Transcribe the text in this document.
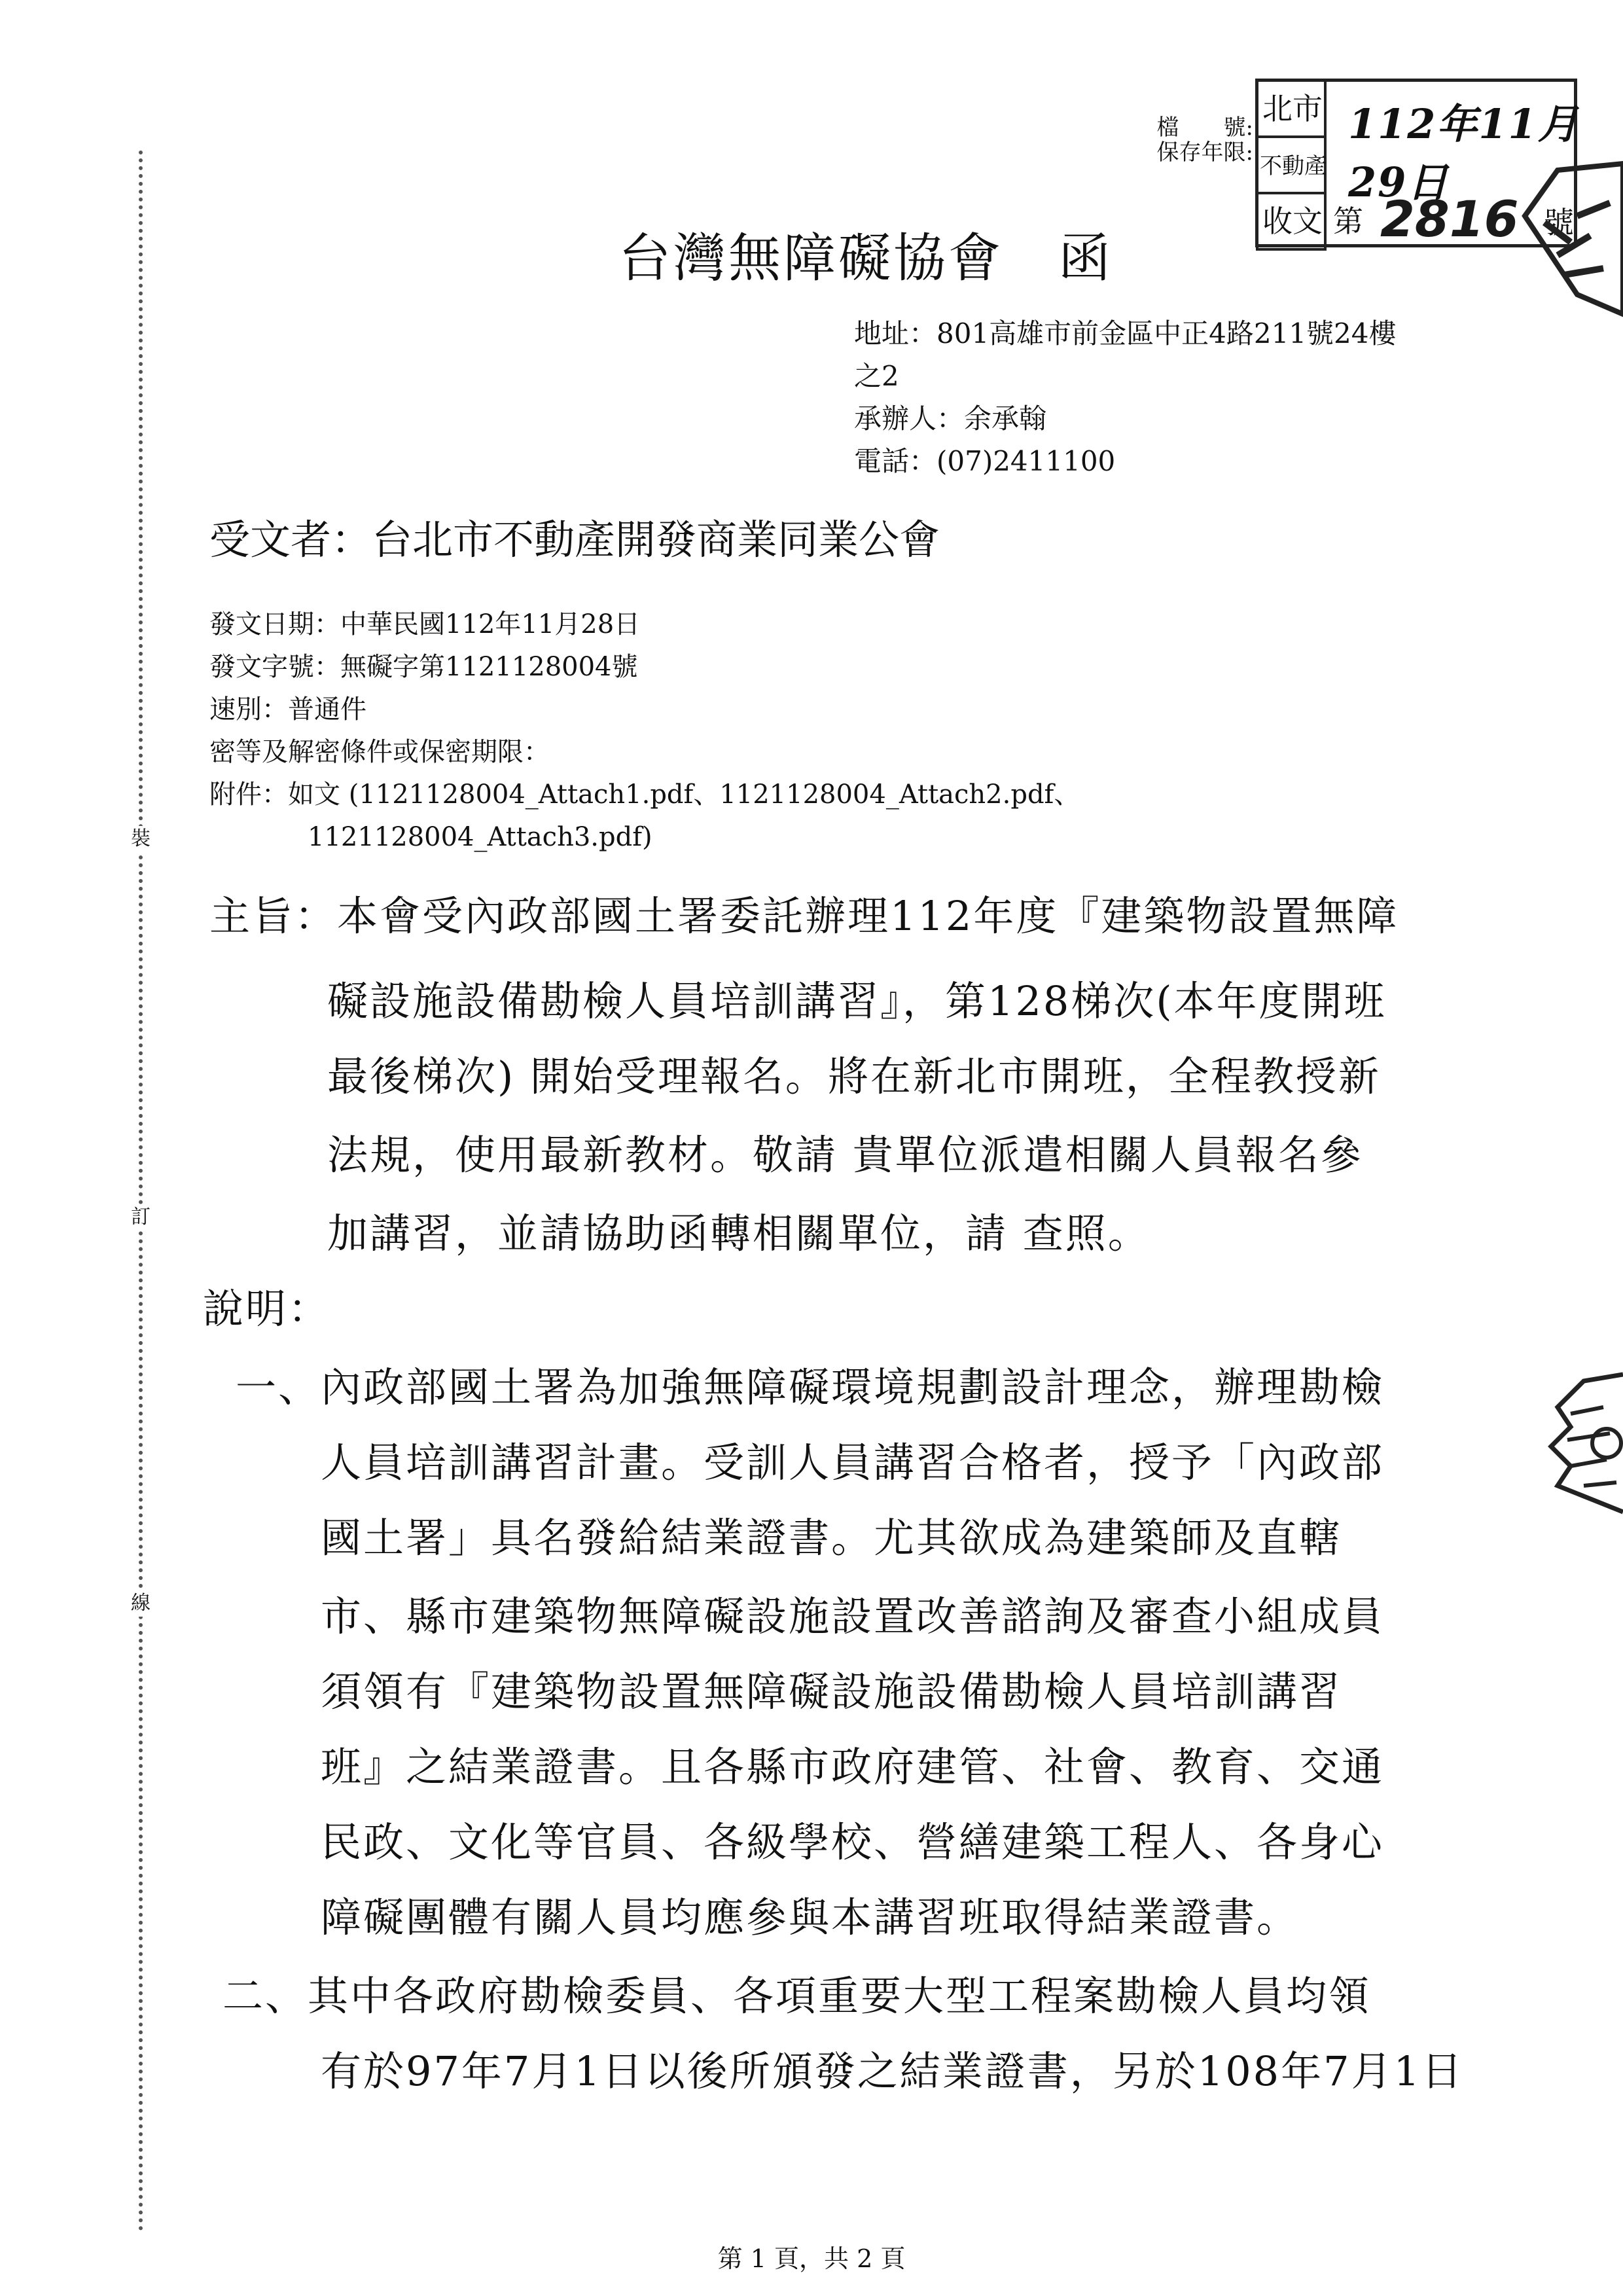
裝
訂
線
檔　　號:
保存年限:
北市
不動產
收文 第 2816 號
112年11月29日
台灣無障礙協會　函
地址：801高雄市前金區中正4路211號24樓
之2
承辦人：余承翰
電話：(07)2411100
受文者：台北市不動產開發商業同業公會
發文日期：中華民國112年11月28日
發文字號：無礙字第1121128004號
速別：普通件
密等及解密條件或保密期限：
附件：如文 (1121128004_Attach1.pdf、1121128004_Attach2.pdf、
1121128004_Attach3.pdf)
主旨：本會受內政部國土署委託辦理112年度『建築物設置無障
礙設施設備勘檢人員培訓講習』，第128梯次(本年度開班
最後梯次) 開始受理報名。將在新北市開班，全程教授新
法規，使用最新教材。敬請 貴單位派遣相關人員報名參
加講習，並請協助函轉相關單位，請 查照。
說明：
一、內政部國土署為加強無障礙環境規劃設計理念，辦理勘檢
人員培訓講習計畫。受訓人員講習合格者，授予「內政部
國土署」具名發給結業證書。尤其欲成為建築師及直轄
市、縣市建築物無障礙設施設置改善諮詢及審查小組成員
須領有『建築物設置無障礙設施設備勘檢人員培訓講習
班』之結業證書。且各縣市政府建管、社會、教育、交通
民政、文化等官員、各級學校、營繕建築工程人、各身心
障礙團體有關人員均應參與本講習班取得結業證書。
二、其中各政府勘檢委員、各項重要大型工程案勘檢人員均領
有於97年7月1日以後所頒發之結業證書，另於108年7月1日
第 1 頁，共 2 頁
